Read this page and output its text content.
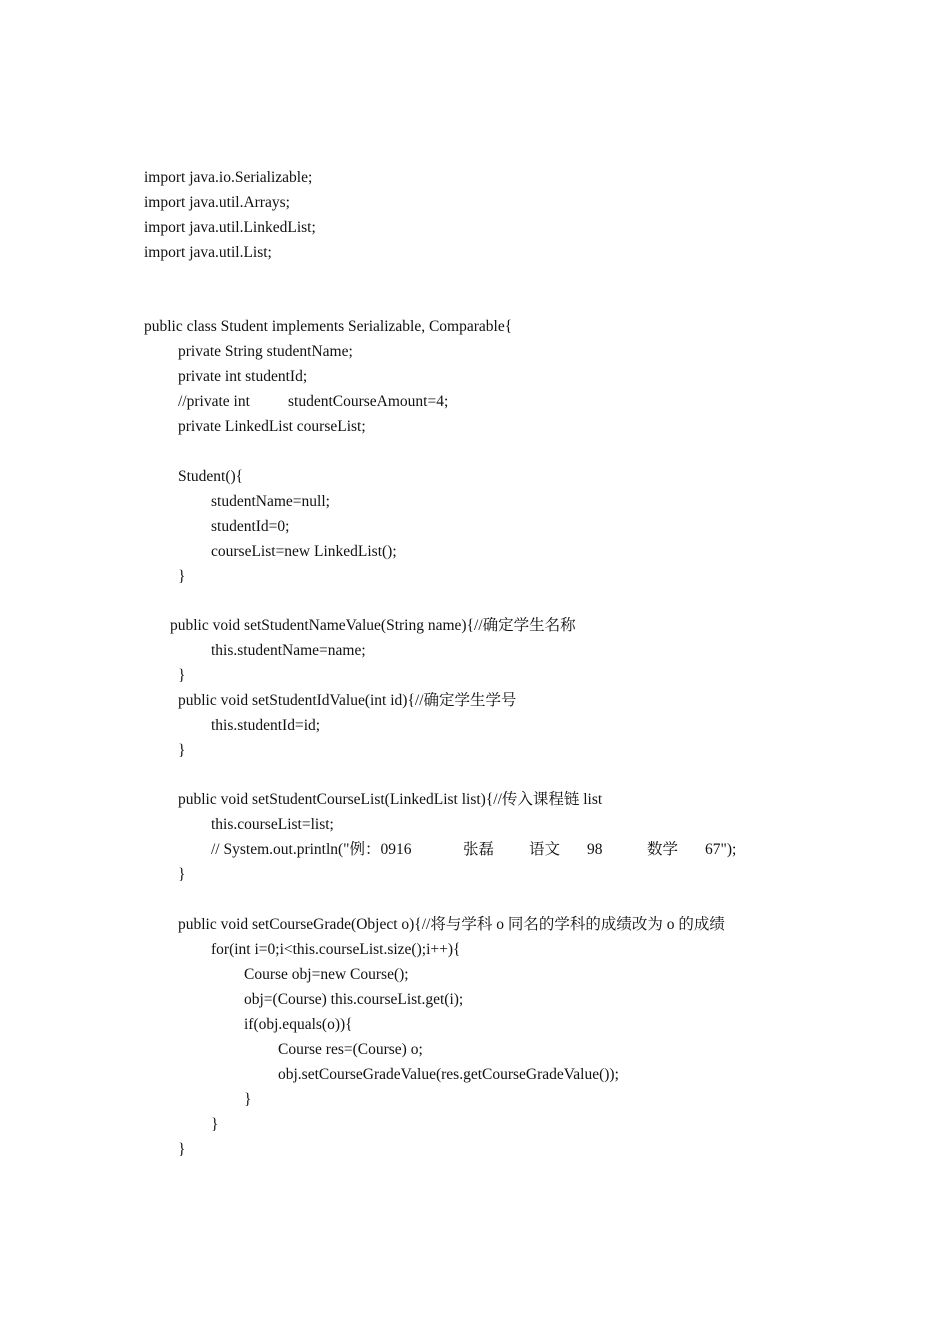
import java.io.Serializable;
import java.util.Arrays;
import java.util.LinkedList;
import java.util.List;
public class Student implements Serializable, Comparable{
private String studentName;
private int studentId;

//private int

studentCourseAmount=4;

private LinkedList courseList;
Student(){
studentName=null;
studentId=0;
courseList=new LinkedList();
}
public void setStudentNameValue(String name){//确定学生名称
this.studentName=name;
}
public void setStudentIdValue(int id){//确定学生学号
this.studentId=id;
}
public void setStudentCourseList(LinkedList list){//传入课程链 list
this.courseList=list;

// System.out.println("例：0916

	张磊

语文

98

	数学

67");

}
public void setCourseGrade(Object o){//将与学科 o 同名的学科的成绩改为 o 的成绩
for(int i=0;i<this.courseList.size();i++){
Course obj=new Course();
obj=(Course) this.courseList.get(i);
if(obj.equals(o)){
Course res=(Course) o;
obj.setCourseGradeValue(res.getCourseGradeValue());
}
}
}
